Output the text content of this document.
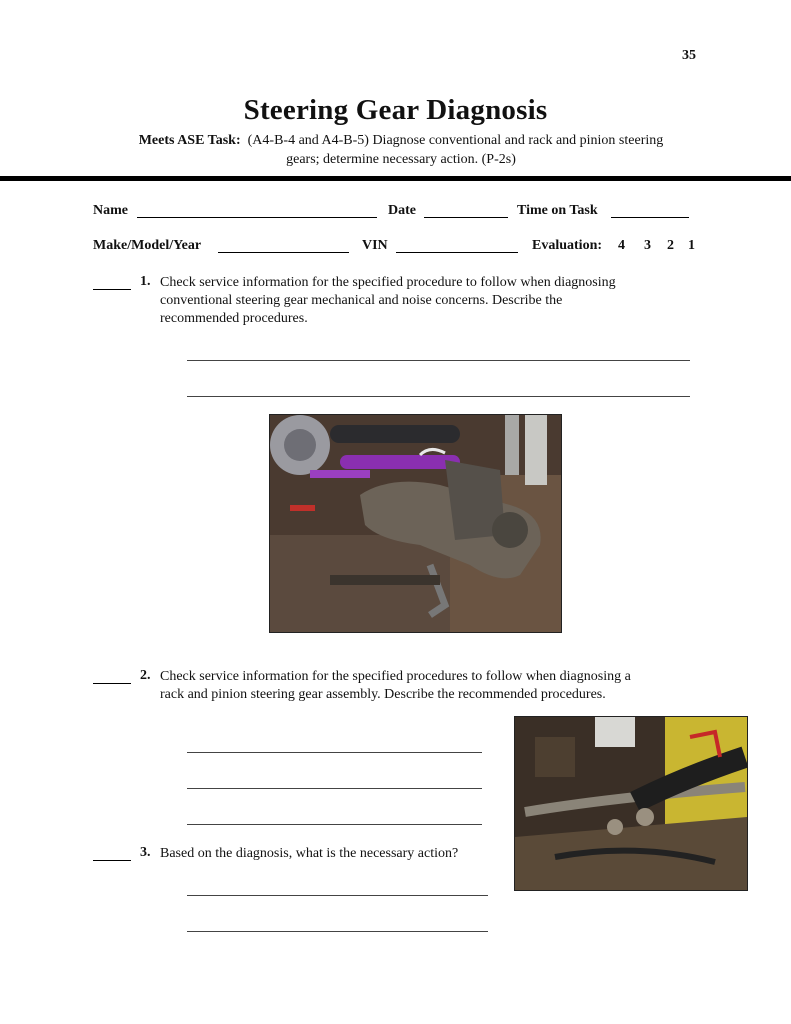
35
Steering Gear Diagnosis
Meets ASE Task: (A4-B-4 and A4-B-5) Diagnose conventional and rack and pinion steering
gears; determine necessary action. (P-2s)
Name	Date	Time on Task
Make/Model/Year	VIN	Evaluation: 4 3 2 1
1. Check service information for the specified procedure to follow when diagnosing
conventional steering gear mechanical and noise concerns. Describe the
recommended procedures.
2. Check service information for the specified procedures to follow when diagnosing a
rack and pinion steering gear assembly. Describe the recommended procedures.
3. Based on the diagnosis, what is the necessary action?
